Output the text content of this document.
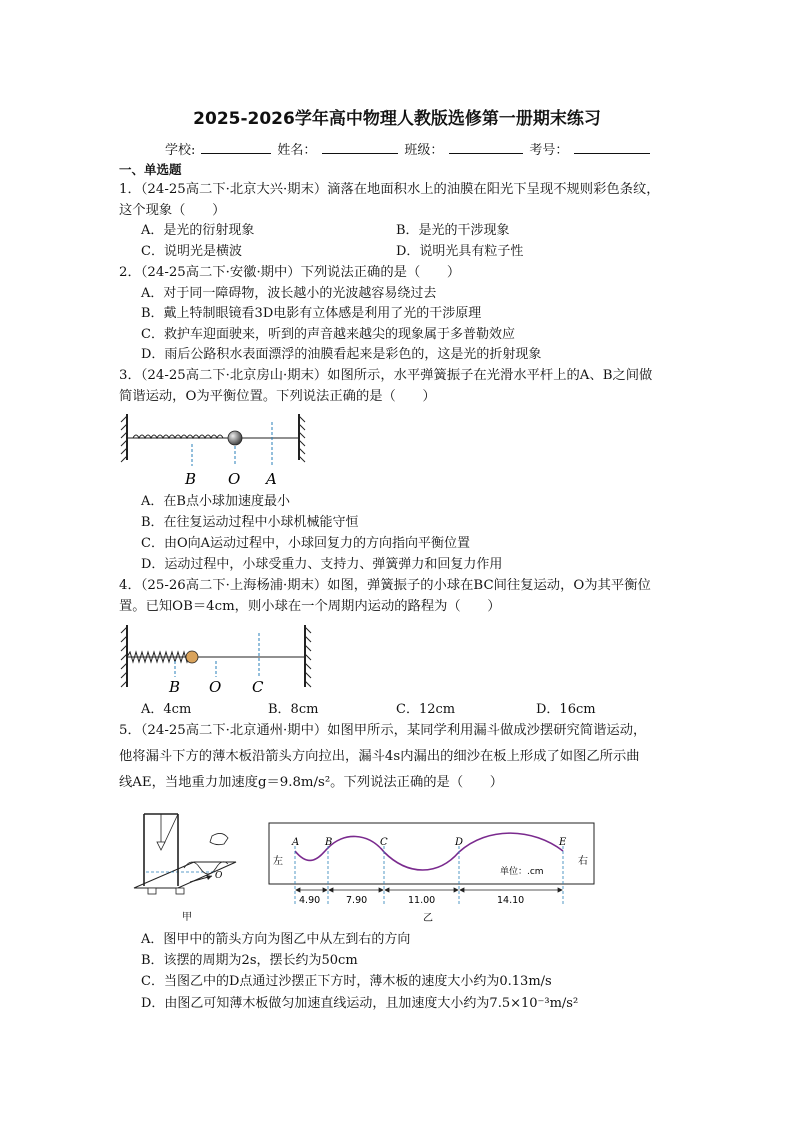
2025-2026学年高中物理人教版选修第一册期末练习
学校:	姓名：	班级：	考号：
一、单选题
1．（24-25高二下·北京大兴·期末）滴落在地面积水上的油膜在阳光下呈现不规则彩色条纹，
这个现象（　　）
A．是光的衍射现象	B．是光的干涉现象
C．说明光是横波	D．说明光具有粒子性
2．（24-25高二下·安徽·期中）下列说法正确的是（　　）
A．对于同一障碍物，波长越小的光波越容易绕过去
B．戴上特制眼镜看3D电影有立体感是利用了光的干涉原理
C．救护车迎面驶来，听到的声音越来越尖的现象属于多普勒效应
D．雨后公路积水表面漂浮的油膜看起来是彩色的，这是光的折射现象
3．（24-25高二下·北京房山·期末）如图所示，水平弹簧振子在光滑水平杆上的A、B之间做
简谐运动，O为平衡位置。下列说法正确的是（　　）
B O A
A．在B点小球加速度最小
B．在往复运动过程中小球机械能守恒
C．由O向A运动过程中，小球回复力的方向指向平衡位置
D．运动过程中，小球受重力、支持力、弹簧弹力和回复力作用
4．（25-26高二下·上海杨浦·期末）如图，弹簧振子的小球在BC间往复运动，O为其平衡位
置。已知OB＝4cm，则小球在一个周期内运动的路程为（　　）
B O C
A．4cm	B．8cm	C．12cm	D．16cm
5．（24-25高二下·北京通州·期中）如图甲所示，某同学利用漏斗做成沙摆研究简谐运动，
他将漏斗下方的薄木板沿箭头方向拉出，漏斗4s内漏出的细沙在板上形成了如图乙所示曲
线AE，当地重力加速度g＝9.8m/s²。下列说法正确的是（　　）
O
甲
A	B	C	D	E
左	右
单位：.cm
4.90	7.90	11.00	14.10
乙
A．图甲中的箭头方向为图乙中从左到右的方向
B．该摆的周期为2s，摆长约为50cm
C．当图乙中的D点通过沙摆正下方时，薄木板的速度大小约为0.13m/s
D．由图乙可知薄木板做匀加速直线运动，且加速度大小约为7.5×10⁻³m/s²
